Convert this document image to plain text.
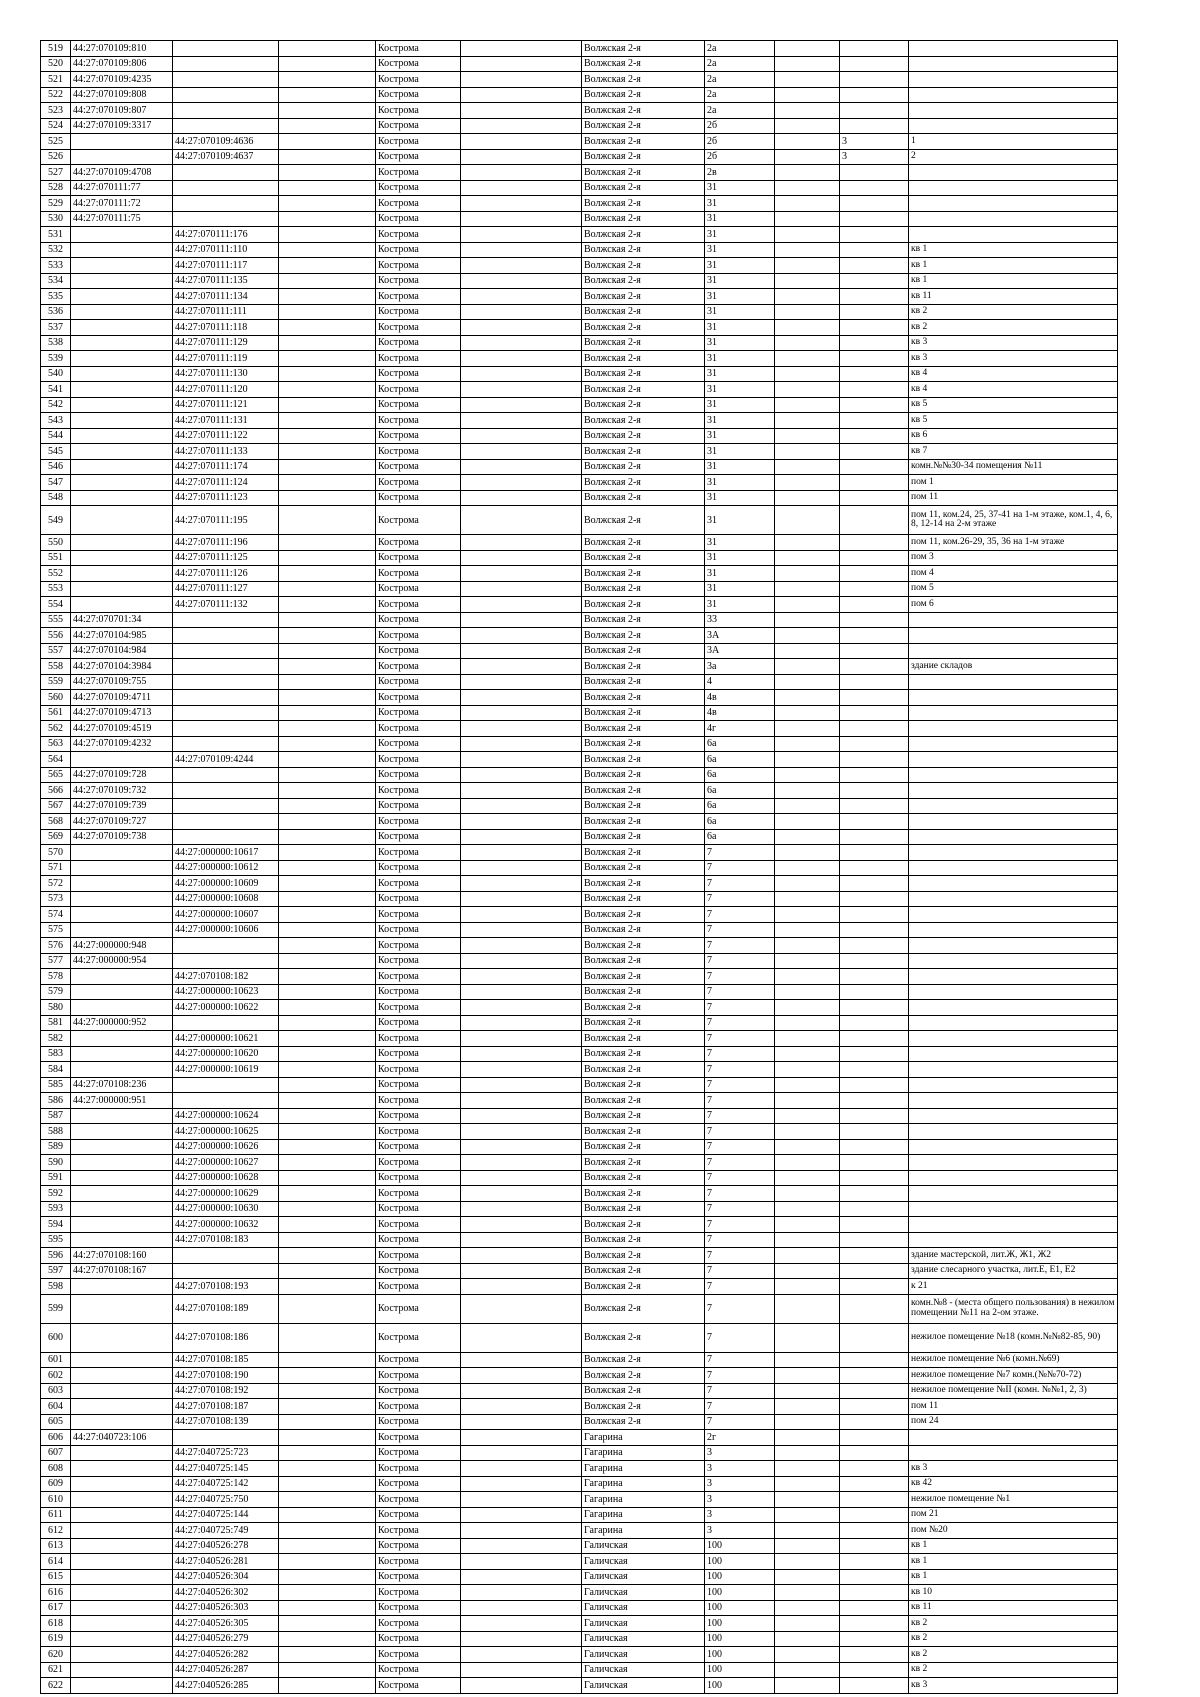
519	44:27:070109:810			Кострома		Волжская 2-я	2а			
520	44:27:070109:806			Кострома		Волжская 2-я	2а			
521	44:27:070109:4235			Кострома		Волжская 2-я	2а			
522	44:27:070109:808			Кострома		Волжская 2-я	2а			
523	44:27:070109:807			Кострома		Волжская 2-я	2а			
524	44:27:070109:3317			Кострома		Волжская 2-я	2б			
525		44:27:070109:4636		Кострома		Волжская 2-я	2б		3	1
526		44:27:070109:4637		Кострома		Волжская 2-я	2б		3	2
527	44:27:070109:4708			Кострома		Волжская 2-я	2в			
528	44:27:070111:77			Кострома		Волжская 2-я	31			
529	44:27:070111:72			Кострома		Волжская 2-я	31			
530	44:27:070111:75			Кострома		Волжская 2-я	31			
531		44:27:070111:176		Кострома		Волжская 2-я	31			
532		44:27:070111:110		Кострома		Волжская 2-я	31			кв 1
533		44:27:070111:117		Кострома		Волжская 2-я	31			кв 1
534		44:27:070111:135		Кострома		Волжская 2-я	31			кв 1
535		44:27:070111:134		Кострома		Волжская 2-я	31			кв 11
536		44:27:070111:111		Кострома		Волжская 2-я	31			кв 2
537		44:27:070111:118		Кострома		Волжская 2-я	31			кв 2
538		44:27:070111:129		Кострома		Волжская 2-я	31			кв 3
539		44:27:070111:119		Кострома		Волжская 2-я	31			кв 3
540		44:27:070111:130		Кострома		Волжская 2-я	31			кв 4
541		44:27:070111:120		Кострома		Волжская 2-я	31			кв 4
542		44:27:070111:121		Кострома		Волжская 2-я	31			кв 5
543		44:27:070111:131		Кострома		Волжская 2-я	31			кв 5
544		44:27:070111:122		Кострома		Волжская 2-я	31			кв 6
545		44:27:070111:133		Кострома		Волжская 2-я	31			кв 7
546		44:27:070111:174		Кострома		Волжская 2-я	31			комн.№№30-34 помещения №11
547		44:27:070111:124		Кострома		Волжская 2-я	31			пом 1
548		44:27:070111:123		Кострома		Волжская 2-я	31			пом 11
549		44:27:070111:195		Кострома		Волжская 2-я	31			пом 11, ком.24, 25, 37-41 на 1-м этаже, ком.1, 4, 6, 8, 12-14 на 2-м этаже
550		44:27:070111:196		Кострома		Волжская 2-я	31			пом 11, ком.26-29, 35, 36 на 1-м этаже
551		44:27:070111:125		Кострома		Волжская 2-я	31			пом 3
552		44:27:070111:126		Кострома		Волжская 2-я	31			пом 4
553		44:27:070111:127		Кострома		Волжская 2-я	31			пом 5
554		44:27:070111:132		Кострома		Волжская 2-я	31			пом 6
555	44:27:070701:34			Кострома		Волжская 2-я	33			
556	44:27:070104:985			Кострома		Волжская 2-я	3А			
557	44:27:070104:984			Кострома		Волжская 2-я	3А			
558	44:27:070104:3984			Кострома		Волжская 2-я	3а			здание складов
559	44:27:070109:755			Кострома		Волжская 2-я	4			
560	44:27:070109:4711			Кострома		Волжская 2-я	4в			
561	44:27:070109:4713			Кострома		Волжская 2-я	4в			
562	44:27:070109:4519			Кострома		Волжская 2-я	4г			
563	44:27:070109:4232			Кострома		Волжская 2-я	6а			
564		44:27:070109:4244		Кострома		Волжская 2-я	6а			
565	44:27:070109:728			Кострома		Волжская 2-я	6а			
566	44:27:070109:732			Кострома		Волжская 2-я	6а			
567	44:27:070109:739			Кострома		Волжская 2-я	6а			
568	44:27:070109:727			Кострома		Волжская 2-я	6а			
569	44:27:070109:738			Кострома		Волжская 2-я	6а			
570		44:27:000000:10617		Кострома		Волжская 2-я	7			
571		44:27:000000:10612		Кострома		Волжская 2-я	7			
572		44:27:000000:10609		Кострома		Волжская 2-я	7			
573		44:27:000000:10608		Кострома		Волжская 2-я	7			
574		44:27:000000:10607		Кострома		Волжская 2-я	7			
575		44:27:000000:10606		Кострома		Волжская 2-я	7			
576	44:27:000000:948			Кострома		Волжская 2-я	7			
577	44:27:000000:954			Кострома		Волжская 2-я	7			
578		44:27:070108:182		Кострома		Волжская 2-я	7			
579		44:27:000000:10623		Кострома		Волжская 2-я	7			
580		44:27:000000:10622		Кострома		Волжская 2-я	7			
581	44:27:000000:952			Кострома		Волжская 2-я	7			
582		44:27:000000:10621		Кострома		Волжская 2-я	7			
583		44:27:000000:10620		Кострома		Волжская 2-я	7			
584		44:27:000000:10619		Кострома		Волжская 2-я	7			
585	44:27:070108:236			Кострома		Волжская 2-я	7			
586	44:27:000000:951			Кострома		Волжская 2-я	7			
587		44:27:000000:10624		Кострома		Волжская 2-я	7			
588		44:27:000000:10625		Кострома		Волжская 2-я	7			
589		44:27:000000:10626		Кострома		Волжская 2-я	7			
590		44:27:000000:10627		Кострома		Волжская 2-я	7			
591		44:27:000000:10628		Кострома		Волжская 2-я	7			
592		44:27:000000:10629		Кострома		Волжская 2-я	7			
593		44:27:000000:10630		Кострома		Волжская 2-я	7			
594		44:27:000000:10632		Кострома		Волжская 2-я	7			
595		44:27:070108:183		Кострома		Волжская 2-я	7			
596	44:27:070108:160			Кострома		Волжская 2-я	7			здание мастерской, лит.Ж, Ж1, Ж2
597	44:27:070108:167			Кострома		Волжская 2-я	7			здание слесарного участка, лит.Е, Е1, Е2
598		44:27:070108:193		Кострома		Волжская 2-я	7			к 21
599		44:27:070108:189		Кострома		Волжская 2-я	7			комн.№8 - (места общего пользования) в нежилом помещении №11 на 2-ом этаже.
600		44:27:070108:186		Кострома		Волжская 2-я	7			нежилое помещение №18 (комн.№№82-85, 90)
601		44:27:070108:185		Кострома		Волжская 2-я	7			нежилое помещение №6 (комн.№69)
602		44:27:070108:190		Кострома		Волжская 2-я	7			нежилое помещение №7 комн.(№№70-72)
603		44:27:070108:192		Кострома		Волжская 2-я	7			нежилое помещение №II (комн. №№1, 2, 3)
604		44:27:070108:187		Кострома		Волжская 2-я	7			пом 11
605		44:27:070108:139		Кострома		Волжская 2-я	7			пом 24
606	44:27:040723:106			Кострома		Гагарина	2г			
607		44:27:040725:723		Кострома		Гагарина	3			
608		44:27:040725:145		Кострома		Гагарина	3			кв 3
609		44:27:040725:142		Кострома		Гагарина	3			кв 42
610		44:27:040725:750		Кострома		Гагарина	3			нежилое помещение №1
611		44:27:040725:144		Кострома		Гагарина	3			пом 21
612		44:27:040725:749		Кострома		Гагарина	3			пом №20
613		44:27:040526:278		Кострома		Галичская	100			кв 1
614		44:27:040526:281		Кострома		Галичская	100			кв 1
615		44:27:040526:304		Кострома		Галичская	100			кв 1
616		44:27:040526:302		Кострома		Галичская	100			кв 10
617		44:27:040526:303		Кострома		Галичская	100			кв 11
618		44:27:040526:305		Кострома		Галичская	100			кв 2
619		44:27:040526:279		Кострома		Галичская	100			кв 2
620		44:27:040526:282		Кострома		Галичская	100			кв 2
621		44:27:040526:287		Кострома		Галичская	100			кв 2
622		44:27:040526:285		Кострома		Галичская	100			кв 3
